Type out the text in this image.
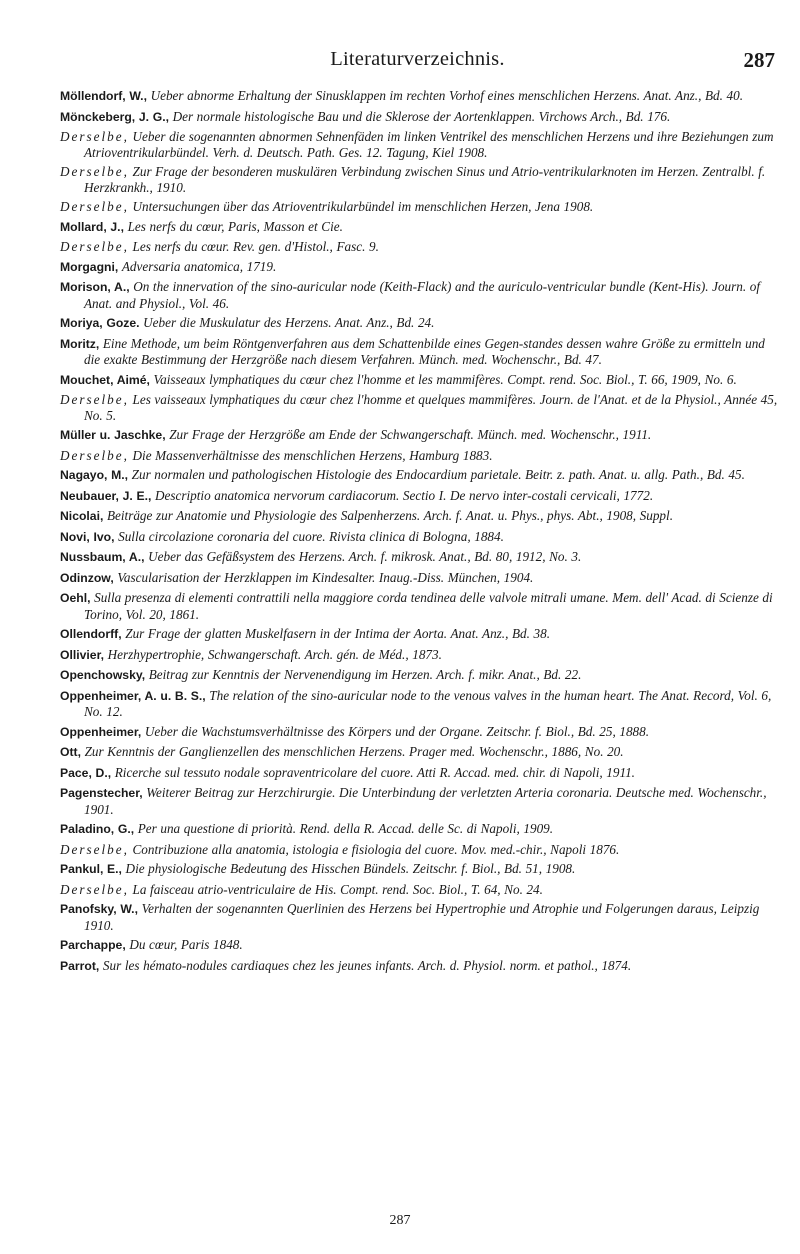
Literaturverzeichnis.	287

Möllendorf, W., Ueber abnorme Erhaltung der Sinusklappen im rechten Vorhof eines menschlichen Herzens. Anat. Anz., Bd. 40.

Mönckeberg, J. G., Der normale histologische Bau und die Sklerose der Aortenklappen. Virchows Arch., Bd. 176.

Derselbe, Ueber die sogenannten abnormen Sehnenfäden im linken Ventrikel des menschlichen Herzens und ihre Beziehungen zum Atrioventrikularbündel. Verh. d. Deutsch. Path. Ges. 12. Tagung, Kiel 1908.

Derselbe, Zur Frage der besonderen muskulären Verbindung zwischen Sinus und Atrio-ventrikularknoten im Herzen. Zentralbl. f. Herzkrankh., 1910.

Derselbe, Untersuchungen über das Atrioventrikularbündel im menschlichen Herzen, Jena 1908.

Mollard, J., Les nerfs du cœur, Paris, Masson et Cie.

Derselbe, Les nerfs du cœur. Rev. gen. d'Histol., Fasc. 9.

Morgagni, Adversaria anatomica, 1719.

Morison, A., On the innervation of the sino-auricular node (Keith-Flack) and the auriculo-ventricular bundle (Kent-His). Journ. of Anat. and Physiol., Vol. 46.

Moriya, Goze. Ueber die Muskulatur des Herzens. Anat. Anz., Bd. 24.

Moritz, Eine Methode, um beim Röntgenverfahren aus dem Schattenbilde eines Gegen-standes dessen wahre Größe zu ermitteln und die exakte Bestimmung der Herzgröße nach diesem Verfahren. Münch. med. Wochenschr., Bd. 47.

Mouchet, Aimé, Vaisseaux lymphatiques du cœur chez l'homme et les mammifères. Compt. rend. Soc. Biol., T. 66, 1909, No. 6.

Derselbe, Les vaisseaux lymphatiques du cœur chez l'homme et quelques mammifères. Journ. de l'Anat. et de la Physiol., Année 45, No. 5.

Müller u. Jaschke, Zur Frage der Herzgröße am Ende der Schwangerschaft. Münch. med. Wochenschr., 1911.

Derselbe, Die Massenverhältnisse des menschlichen Herzens, Hamburg 1883.

Nagayo, M., Zur normalen und pathologischen Histologie des Endocardium parietale. Beitr. z. path. Anat. u. allg. Path., Bd. 45.

Neubauer, J. E., Descriptio anatomica nervorum cardiacorum. Sectio I. De nervo inter-costali cervicali, 1772.

Nicolai, Beiträge zur Anatomie und Physiologie des Salpenherzens. Arch. f. Anat. u. Phys., phys. Abt., 1908, Suppl.

Novi, Ivo, Sulla circolazione coronaria del cuore. Rivista clinica di Bologna, 1884.

Nussbaum, A., Ueber das Gefäßsystem des Herzens. Arch. f. mikrosk. Anat., Bd. 80, 1912, No. 3.

Odinzow, Vascularisation der Herzklappen im Kindesalter. Inaug.-Diss. München, 1904.

Oehl, Sulla presenza di elementi contrattili nella maggiore corda tendinea delle valvole mitrali umane. Mem. dell' Acad. di Scienze di Torino, Vol. 20, 1861.

Ollendorff, Zur Frage der glatten Muskelfasern in der Intima der Aorta. Anat. Anz., Bd. 38.

Ollivier, Herzhypertrophie, Schwangerschaft. Arch. gén. de Méd., 1873.

Openchowsky, Beitrag zur Kenntnis der Nervenendigung im Herzen. Arch. f. mikr. Anat., Bd. 22.

Oppenheimer, A. u. B. S., The relation of the sino-auricular node to the venous valves in the human heart. The Anat. Record, Vol. 6, No. 12.

Oppenheimer, Ueber die Wachstumsverhältnisse des Körpers und der Organe. Zeitschr. f. Biol., Bd. 25, 1888.

Ott, Zur Kenntnis der Ganglienzellen des menschlichen Herzens. Prager med. Wochenschr., 1886, No. 20.

Pace, D., Ricerche sul tessuto nodale sopraventricolare del cuore. Atti R. Accad. med. chir. di Napoli, 1911.

Pagenstecher, Weiterer Beitrag zur Herzchirurgie. Die Unterbindung der verletzten Arteria coronaria. Deutsche med. Wochenschr., 1901.

Paladino, G., Per una questione di priorità. Rend. della R. Accad. delle Sc. di Napoli, 1909.

Derselbe, Contribuzione alla anatomia, istologia e fisiologia del cuore. Mov. med.-chir., Napoli 1876.

Pankul, E., Die physiologische Bedeutung des Hisschen Bündels. Zeitschr. f. Biol., Bd. 51, 1908.

Derselbe, La faisceau atrio-ventriculaire de His. Compt. rend. Soc. Biol., T. 64, No. 24.

Panofsky, W., Verhalten der sogenannten Querlinien des Herzens bei Hypertrophie und Atrophie und Folgerungen daraus, Leipzig 1910.

Parchappe, Du cœur, Paris 1848.

Parrot, Sur les hémato-nodules cardiaques chez les jeunes infants. Arch. d. Physiol. norm. et pathol., 1874.

287
